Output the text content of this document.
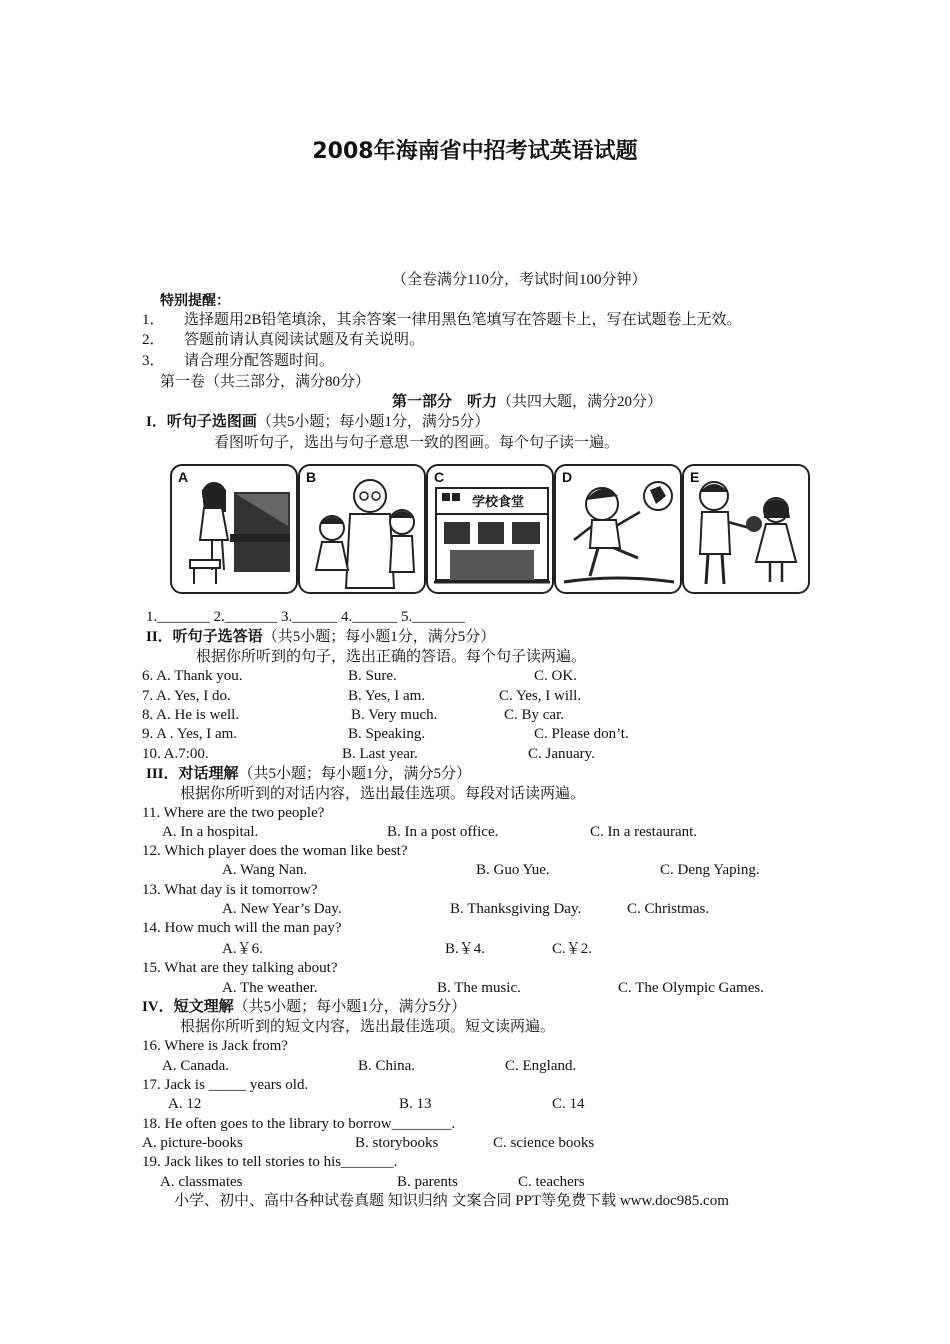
2008年海南省中招考试英语试题
（全卷满分110分，考试时间100分钟）
特别提醒：
1． 选择题用2B铅笔填涂，其余答案一律用黑色笔填写在答题卡上，写在试题卷上无效。
2． 答题前请认真阅读试题及有关说明。
3． 请合理分配答题时间。
第一卷（共三部分，满分80分）
第一部分　听力（共四大题，满分20分）
I．听句子选图画（共5小题；每小题1分，满分5分）
看图听句子，选出与句子意思一致的图画。每个句子读一遍。
A	B	C
学校食堂
D	E
1._______ 2._______ 3.______ 4.______ 5._______
II．听句子选答语（共5小题；每小题1分，满分5分）
根据你所听到的句子，选出正确的答语。每个句子读两遍。
6. A. Thank you.	B. Sure.	C. OK.
7. A. Yes, I do.	B. Yes, I am.	C. Yes, I will.
8. A. He is well.	B. Very much.	C. By car.
9. A . Yes, I am.	B. Speaking.	C. Please don’t.
10. A.7:00.	B. Last year.	C. January.
III．对话理解（共5小题；每小题1分，满分5分）
根据你所听到的对话内容，选出最佳选项。每段对话读两遍。
11. Where are the two people?
A. In a hospital.	B. In a post office.	C. In a restaurant.
12. Which player does the woman like best?
A. Wang Nan.	B. Guo Yue.	C. Deng Yaping.
13. What day is it tomorrow?
A. New Year’s Day.	B. Thanksgiving Day.	C. Christmas.
14. How much will the man pay?
A.￥6.	B.￥4.	C.￥2.
15. What are they talking about?
A. The weather.	B. The music.	C. The Olympic Games.
IV．短文理解（共5小题；每小题1分，满分5分）
根据你所听到的短文内容，选出最佳选项。短文读两遍。
16. Where is Jack from?
A. Canada.	B. China.	C. England.
17. Jack is _____ years old.
A. 12	B. 13	C. 14
18. He often goes to the library to borrow________.
A. picture-books	B. storybooks	C. science books
19. Jack likes to tell stories to his_______.
A. classmates	B. parents	C. teachers
小学、初中、高中各种试卷真题 知识归纳 文案合同 PPT等免费下载 www.doc985.com
